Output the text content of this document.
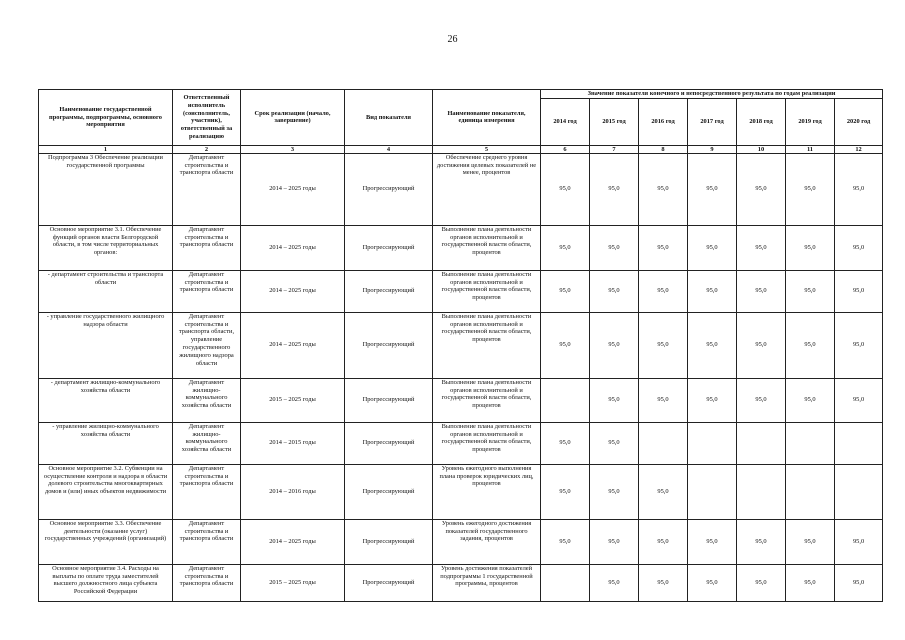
26
Наименование государственной программы, подпрограммы, основного мероприятия	Ответственный исполнитель (соисполнитель, участник), ответственный за реализацию	Срок реализации (начало, завершение)	Вид показателя	Наименование показателя, единица измерения	Значение показателя конечного и непосредственного результата по годам реализации						
					2014 год	2015 год	2016 год	2017 год	2018 год	2019 год	2020 год
1	2	3	4	5	6	7	8	9	10	11	12
Подпрограмма 3 Обеспечение реализации государственной программы	Департамент строительства и транспорта области	2014 – 2025 годы	Прогрессирующий	Обеспечение среднего уровня достижения целевых показателей не менее, процентов	95,0	95,0	95,0	95,0	95,0	95,0	95,0
Основное мероприятие 3.1. Обеспечение функций органов власти Белгородской области, в том числе территориальных органов:	Департамент строительства и транспорта области	2014 – 2025 годы	Прогрессирующий	Выполнение плана деятельности органов исполнительной и государственной власти области, процентов	95,0	95,0	95,0	95,0	95,0	95,0	95,0
- департамент строительства и транспорта области	Департамент строительства и транспорта области	2014 – 2025 годы	Прогрессирующий	Выполнение плана деятельности органов исполнительной и государственной власти области, процентов	95,0	95,0	95,0	95,0	95,0	95,0	95,0
- управление государственного жилищного надзора области	Департамент строительства и транспорта области, управление государственного жилищного надзора области	2014 – 2025 годы	Прогрессирующий	Выполнение плана деятельности органов исполнительной и государственной власти области, процентов	95,0	95,0	95,0	95,0	95,0	95,0	95,0
- департамент жилищно-коммунального хозяйства области	Департамент жилищно-коммунального хозяйства области	2015 – 2025 годы	Прогрессирующий	Выполнение плана деятельности органов исполнительной и государственной власти области, процентов		95,0	95,0	95,0	95,0	95,0	95,0
- управление жилищно-коммунального хозяйства области	Департамент жилищно-коммунального хозяйства области	2014 – 2015 годы	Прогрессирующий	Выполнение плана деятельности органов исполнительной и государственной власти области, процентов	95,0	95,0					
Основное мероприятие 3.2. Субвенции на осуществление контроля и надзора в области долевого строительства многоквартирных домов и (или) иных объектов недвижимости	Департамент строительства и транспорта области	2014 – 2016 годы	Прогрессирующий	Уровень ежегодного выполнения плана проверок юридических лиц, процентов	95,0	95,0	95,0				
Основное мероприятие 3.3. Обеспечение деятельности (оказание услуг) государственных учреждений (организаций)	Департамент строительства и транспорта области	2014 – 2025 годы	Прогрессирующий	Уровень ежегодного достижения показателей государственного задания, процентов	95,0	95,0	95,0	95,0	95,0	95,0	95,0
Основное мероприятие 3.4. Расходы на выплаты по оплате труда заместителей высшего должностного лица субъекта Российской Федерации	Департамент строительства и транспорта области	2015 – 2025 годы	Прогрессирующий	Уровень достижения показателей подпрограммы 1 государственной программы, процентов		95,0	95,0	95,0	95,0	95,0	95,0
